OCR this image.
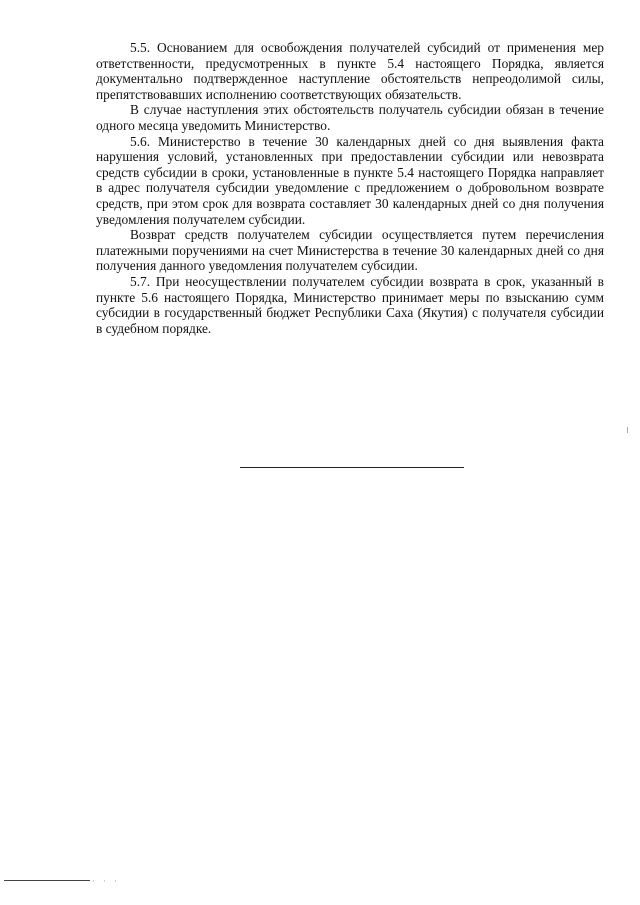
5.5. Основанием для освобождения получателей субсидий от применения мер ответственности, предусмотренных в пункте 5.4 настоящего Порядка, является документально подтвержденное наступление обстоятельств непреодолимой силы, препятствовавших исполнению соответствующих обязательств.

В случае наступления этих обстоятельств получатель субсидии обязан в течение одного месяца уведомить Министерство.

5.6. Министерство в течение 30 календарных дней со дня выявления факта нарушения условий, установленных при предоставлении субсидии или невозврата средств субсидии в сроки, установленные в пункте 5.4 настоящего Порядка направляет в адрес получателя субсидии уведомление с предложением о добровольном возврате средств, при этом срок для возврата составляет 30 календарных дней со дня получения уведомления получателем субсидии.

Возврат средств получателем субсидии осуществляется путем перечисления платежными поручениями на счет Министерства в течение 30 календарных дней со дня получения данного уведомления получателем субсидии.

5.7. При неосуществлении получателем субсидии возврата в срок, указанный в пункте 5.6 настоящего Порядка, Министерство принимает меры по взысканию сумм субсидии в государственный бюджет Республики Саха (Якутия) с получателя субсидии в судебном порядке.

· · ·
